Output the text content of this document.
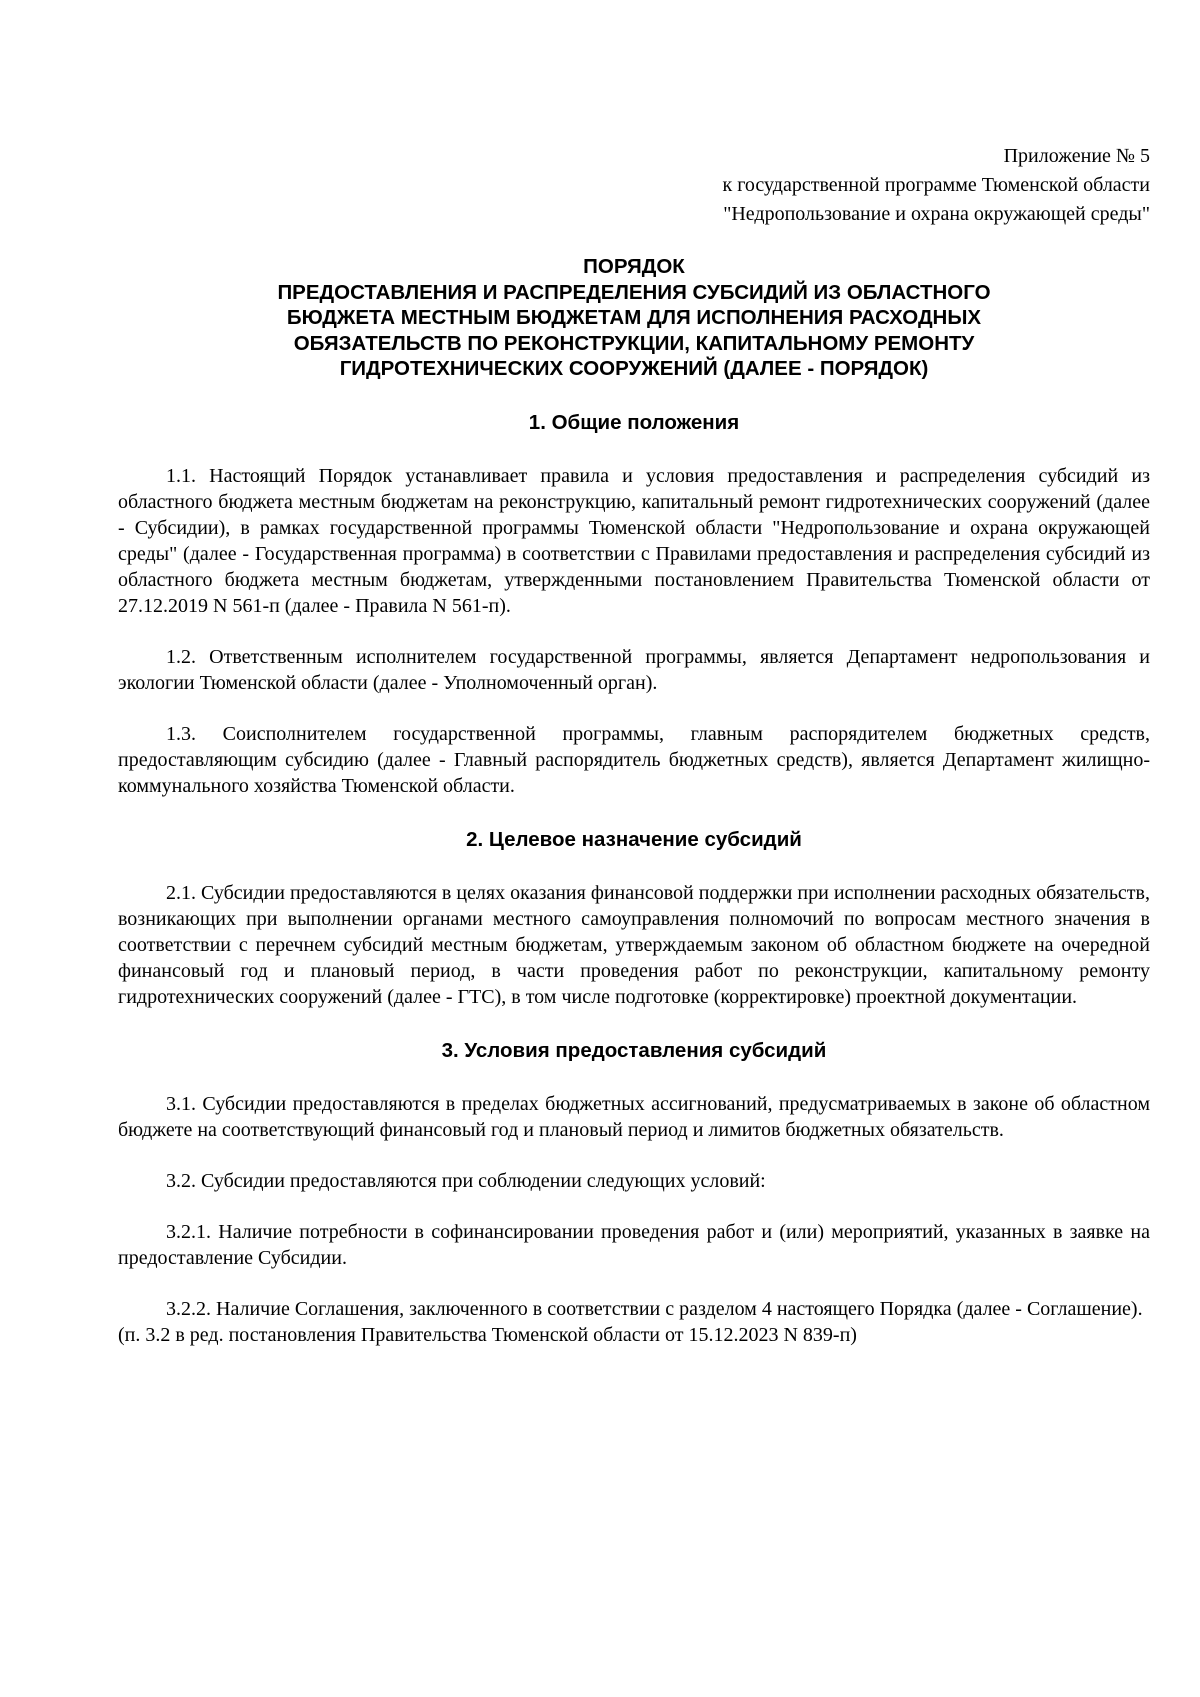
Приложение № 5
к государственной программе Тюменской области
"Недропользование и охрана окружающей среды"
ПОРЯДОК
ПРЕДОСТАВЛЕНИЯ И РАСПРЕДЕЛЕНИЯ СУБСИДИЙ ИЗ ОБЛАСТНОГО
БЮДЖЕТА МЕСТНЫМ БЮДЖЕТАМ ДЛЯ ИСПОЛНЕНИЯ РАСХОДНЫХ
ОБЯЗАТЕЛЬСТВ ПО РЕКОНСТРУКЦИИ, КАПИТАЛЬНОМУ РЕМОНТУ
ГИДРОТЕХНИЧЕСКИХ СООРУЖЕНИЙ (ДАЛЕЕ - ПОРЯДОК)
1. Общие положения

1.1. Настоящий Порядок устанавливает правила и условия предоставления и распределения субсидий из областного бюджета местным бюджетам на реконструкцию, капитальный ремонт гидротехнических сооружений (далее - Субсидии), в рамках государственной программы Тюменской области "Недропользование и охрана окружающей среды" (далее - Государственная программа) в соответствии с Правилами предоставления и распределения субсидий из областного бюджета местным бюджетам, утвержденными постановлением Правительства Тюменской области от 27.12.2019 N 561-п (далее - Правила N 561-п).

1.2. Ответственным исполнителем государственной программы, является Департамент недропользования и экологии Тюменской области (далее - Уполномоченный орган).

1.3. Соисполнителем государственной программы, главным распорядителем бюджетных средств, предоставляющим субсидию (далее - Главный распорядитель бюджетных средств), является Департамент жилищно-коммунального хозяйства Тюменской области.

2. Целевое назначение субсидий

2.1. Субсидии предоставляются в целях оказания финансовой поддержки при исполнении расходных обязательств, возникающих при выполнении органами местного самоуправления полномочий по вопросам местного значения в соответствии с перечнем субсидий местным бюджетам, утверждаемым законом об областном бюджете на очередной финансовый год и плановый период, в части проведения работ по реконструкции, капитальному ремонту гидротехнических сооружений (далее - ГТС), в том числе подготовке (корректировке) проектной документации.

3. Условия предоставления субсидий

3.1. Субсидии предоставляются в пределах бюджетных ассигнований, предусматриваемых в законе об областном бюджете на соответствующий финансовый год и плановый период и лимитов бюджетных обязательств.

3.2. Субсидии предоставляются при соблюдении следующих условий:

3.2.1. Наличие потребности в софинансировании проведения работ и (или) мероприятий, указанных в заявке на предоставление Субсидии.

3.2.2. Наличие Соглашения, заключенного в соответствии с разделом 4 настоящего Порядка (далее - Соглашение).

(п. 3.2 в ред. постановления Правительства Тюменской области от 15.12.2023 N 839-п)
